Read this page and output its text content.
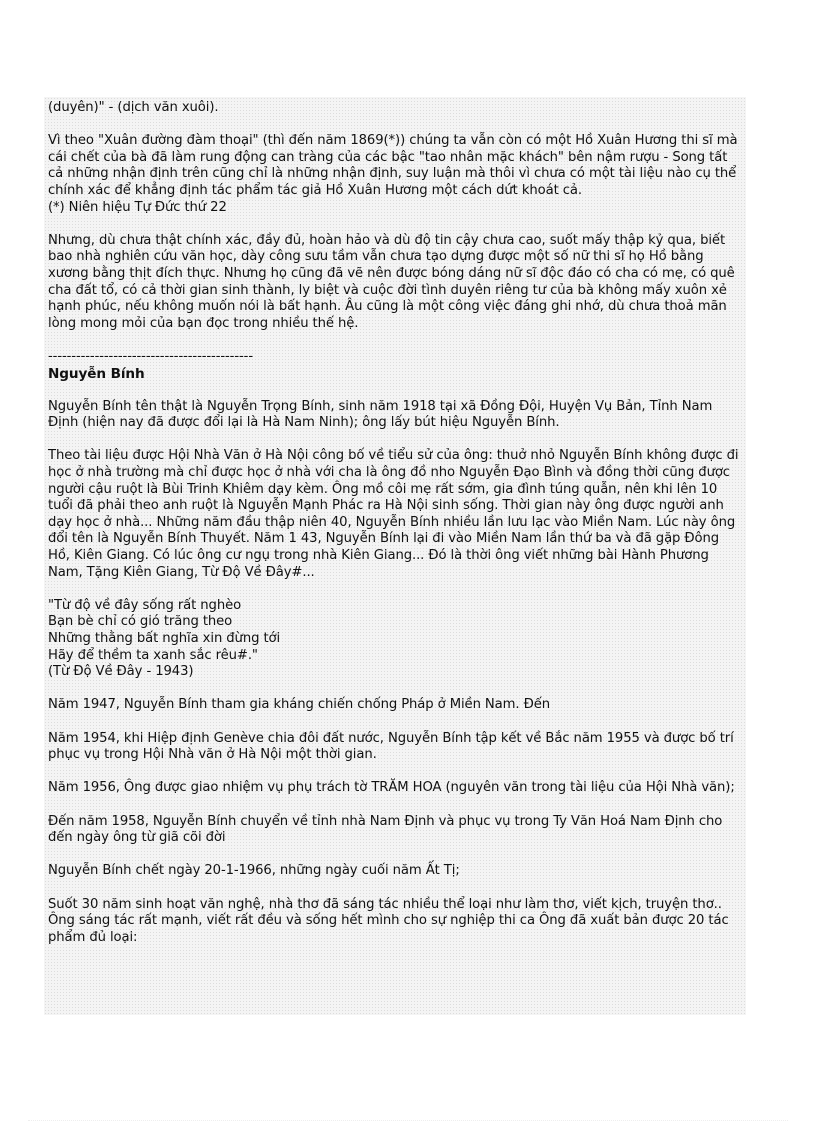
(duyên)" - (dịch văn xuôi).

Vì theo "Xuân đường đàm thoại" (thì đến năm 1869(*)) chúng ta vẫn còn có một Hồ Xuân Hương thi sĩ mà cái chết của bà đã làm rung động can tràng của các bậc "tao nhân mặc khách" bên nậm rượu - Song tất cả những nhận định trên cũng chỉ là những nhận định, suy luận mà thôi vì chưa có một tài liệu nào cụ thể chính xác để khẳng định tác phẩm tác giả Hồ Xuân Hương một cách dứt khoát cả.

(*) Niên hiệu Tự Đức thứ 22

Nhưng, dù chưa thật chính xác, đầy đủ, hoàn hảo và dù độ tin cậy chưa cao, suốt mấy thập kỷ qua, biết bao nhà nghiên cứu văn học, dày công sưu tầm vẫn chưa tạo dựng được một số nữ thi sĩ họ Hồ bằng xương bằng thịt đích thực. Nhưng họ cũng đã vẽ nên được bóng dáng nữ sĩ độc đáo có cha có mẹ, có quê cha đất tổ, có cả thời gian sinh thành, ly biệt và cuộc đời tình duyên riêng tư của bà không mấy xuôn xẻ hạnh phúc, nếu không muốn nói là bất hạnh. Âu cũng là một công việc đáng ghi nhớ, dù chưa thoả mãn lòng mong mỏi của bạn đọc trong nhiều thế hệ.

--------------------------------------------
Nguyễn Bính

Nguyễn Bính tên thật là Nguyễn Trọng Bính, sinh năm 1918 tại xã Đồng Đội, Huyện Vụ Bản, Tỉnh Nam Định (hiện nay đã được đổi lại là Hà Nam Ninh); ông lấy bút hiệu Nguyễn Bính.

Theo tài liệu được Hội Nhà Văn ở Hà Nội công bố về tiểu sử của ông: thuở nhỏ Nguyễn Bính không được đi học ở nhà trường mà chỉ được học ở nhà với cha là ông đồ nho Nguyễn Đạo Bình và đồng thời cũng được người cậu ruột là Bùi Trinh Khiêm dạy kèm. Ông mồ côi mẹ rất sớm, gia đình túng quẫn, nên khi lên 10 tuổi đã phải theo anh ruột là Nguyễn Mạnh Phác ra Hà Nội sinh sống. Thời gian này ông được người anh dạy học ở nhà... Những năm đầu thập niên 40, Nguyễn Bính nhiều lần lưu lạc vào Miền Nam. Lúc này ông đổi tên là Nguyễn Bính Thuyết. Năm 1 43, Nguyễn Bính lại đi vào Miền Nam lần thứ ba và đã gặp Đông Hồ, Kiên Giang. Có lúc ông cư ngụ trong nhà Kiên Giang... Đó là thời ông viết những bài Hành Phương Nam, Tặng Kiên Giang, Từ Độ Về Đây#...

"Từ độ về đây sống rất nghèo
Bạn bè chỉ có gió trăng theo
Những thằng bất nghĩa xin đừng tới
Hãy để thềm ta xanh sắc rêu#."
(Từ Độ Về Đây - 1943)

Năm 1947, Nguyễn Bính tham gia kháng chiến chống Pháp ở Miền Nam. Đến

Năm 1954, khi Hiệp định Genève chia đôi đất nước, Nguyễn Bính tập kết về Bắc năm 1955 và được bố trí phục vụ trong Hội Nhà văn ở Hà Nội một thời gian.

Năm 1956, Ông được giao nhiệm vụ phụ trách tờ TRĂM HOA (nguyên văn trong tài liệu của Hội Nhà văn);

Đến năm 1958, Nguyễn Bính chuyển về tỉnh nhà Nam Định và phục vụ trong Ty Văn Hoá Nam Định cho đến ngày ông từ giã cõi đời

Nguyễn Bính chết ngày 20-1-1966, những ngày cuối năm Ất Tị;

Suốt 30 năm sinh hoạt văn nghệ, nhà thơ đã sáng tác nhiều thể loại như làm thơ, viết kịch, truyện thơ.. Ông sáng tác rất mạnh, viết rất đều và sống hết mình cho sự nghiệp thi ca Ông đã xuất bản được 20 tác phẩm đủ loại:
